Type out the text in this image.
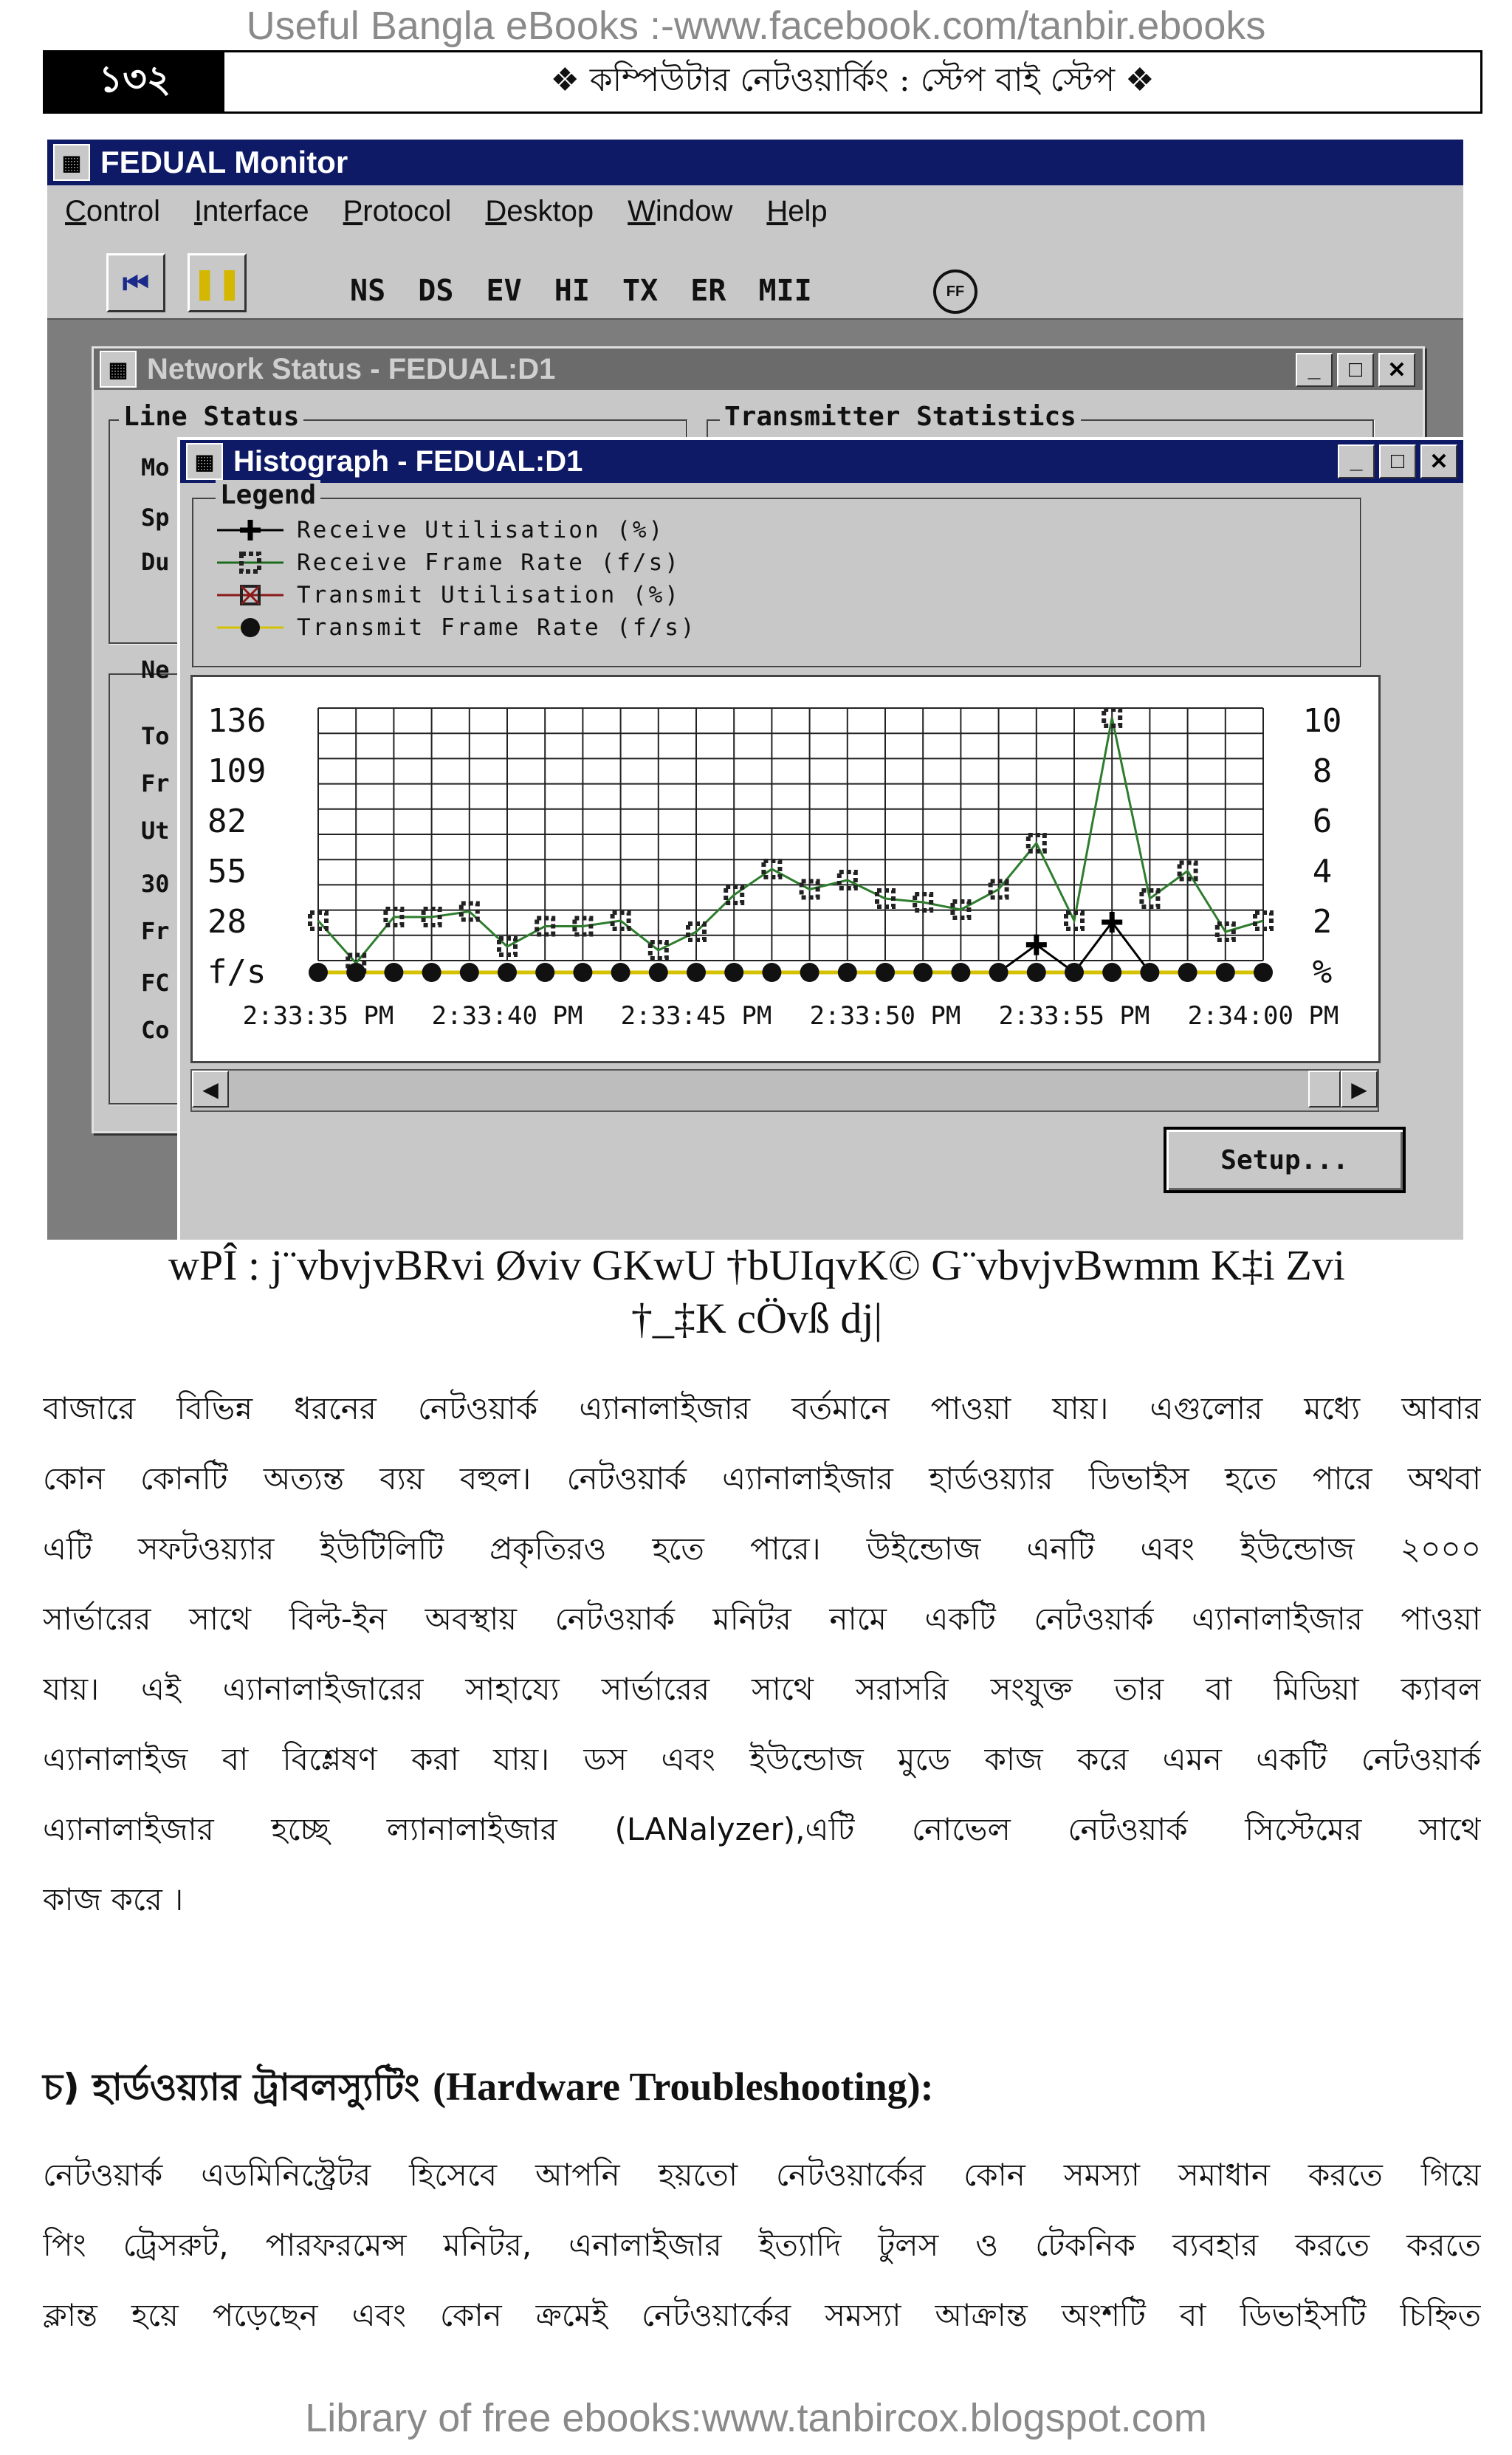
Useful Bangla eBooks :-www.facebook.com/tanbir.ebooks
১৩২	❖ কম্পিউটার নেটওয়ার্কিং : স্টেপ বাই স্টেপ ❖
▦ FEDUAL Monitor
Control Interface Protocol Desktop Window Help
⏮ ❚❚	NS DS EV HI TX ER MII	FF
▦ Network Status - FEDUAL:D1	_	□	✕
Line Status	Transmitter Statistics
Mo
Sp
Du
Ne
To
Fr
Ut
30
Fr
FC
Co
▦ Histograph - FEDUAL:D1	_	□	✕
Legend
Receive Utilisation (%)
Receive Frame Rate (f/s)
Transmit Utilisation (%)
Transmit Frame Rate (f/s)
136
109
82
55
28
f/s
10
8
6
4
2
%
2:33:35 PM 2:33:40 PM 2:33:45 PM 2:33:50 PM 2:33:55 PM 2:34:00 PM
◀	▶
Setup...
wPÎ : j¨vbvjvBRvi Øviv GKwU †bUIqvK© G¨vbvjvBwmm K‡i Zvi
†_‡K cÖvß dj|
বাজারে বিভিন্ন ধরনের নেটওয়ার্ক এ্যানালাইজার বর্তমানে পাওয়া যায়। এগুলোর মধ্যে আবার
কোন কোনটি অত্যন্ত ব্যয় বহুল। নেটওয়ার্ক এ্যানালাইজার হার্ডওয়্যার ডিভাইস হতে পারে অথবা
এটি সফটওয়্যার ইউটিলিটি প্রকৃতিরও হতে পারে। উইন্ডোজ এনটি এবং ইউন্ডোজ ২০০০
সার্ভারের সাথে বিল্ট-ইন অবস্থায় নেটওয়ার্ক মনিটর নামে একটি নেটওয়ার্ক এ্যানালাইজার পাওয়া
যায়। এই এ্যানালাইজারের সাহায্যে সার্ভারের সাথে সরাসরি সংযুক্ত তার বা মিডিয়া ক্যাবল
এ্যানালাইজ বা বিশ্লেষণ করা যায়। ডস এবং ইউন্ডোজ মুডে কাজ করে এমন একটি নেটওয়ার্ক
এ্যানালাইজার হচ্ছে ল্যানালাইজার (LANalyzer),এটি নোভেল নেটওয়ার্ক সিস্টেমের সাথে
কাজ করে ।
চ) হার্ডওয়্যার ট্রাবলস্যুটিং (Hardware Troubleshooting):
নেটওয়ার্ক এডমিনিস্ট্রেটর হিসেবে আপনি হয়তো নেটওয়ার্কের কোন সমস্যা সমাধান করতে গিয়ে
পিং ট্রেসরুট, পারফরমেন্স মনিটর, এনালাইজার ইত্যাদি টুলস ও টেকনিক ব্যবহার করতে করতে
ক্লান্ত হয়ে পড়েছেন এবং কোন ক্রমেই নেটওয়ার্কের সমস্যা আক্রান্ত অংশটি বা ডিভাইসটি চিহ্নিত
Library of free ebooks:www.tanbircox.blogspot.com
